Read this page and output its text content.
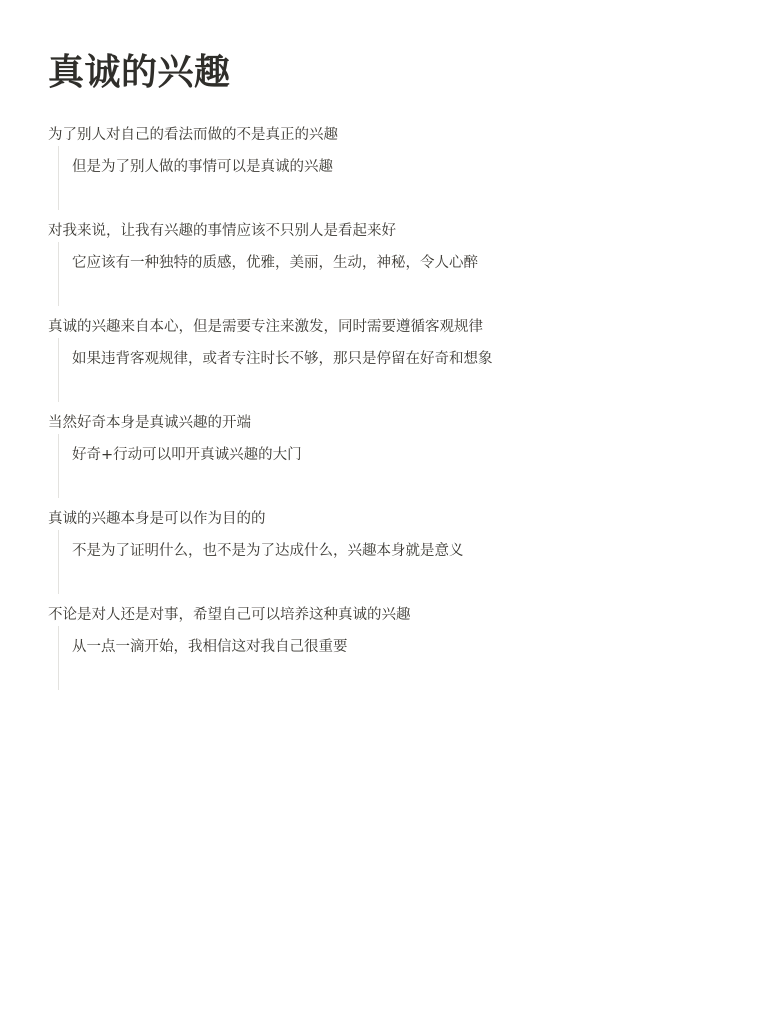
真诚的兴趣
为了别人对自己的看法而做的不是真正的兴趣
但是为了别人做的事情可以是真诚的兴趣
对我来说，让我有兴趣的事情应该不只别人是看起来好
它应该有一种独特的质感，优雅，美丽，生动，神秘，令人心醉
真诚的兴趣来自本心，但是需要专注来激发，同时需要遵循客观规律
如果违背客观规律，或者专注时长不够，那只是停留在好奇和想象
当然好奇本身是真诚兴趣的开端
好奇+行动可以叩开真诚兴趣的大门
真诚的兴趣本身是可以作为目的的
不是为了证明什么，也不是为了达成什么，兴趣本身就是意义
不论是对人还是对事，希望自己可以培养这种真诚的兴趣
从一点一滴开始，我相信这对我自己很重要
